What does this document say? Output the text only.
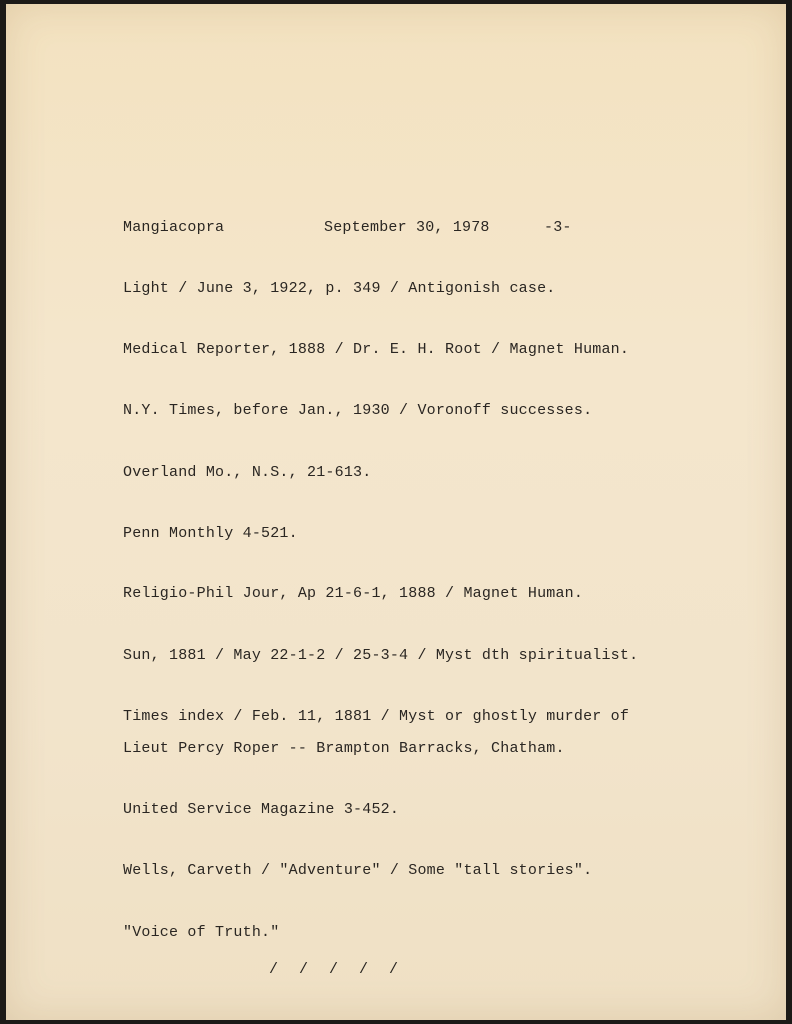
Mangiacopra	September 30, 1978	-3-
Light / June 3, 1922, p. 349 / Antigonish case.
Medical Reporter, 1888 / Dr. E. H. Root / Magnet Human.
N.Y. Times, before Jan., 1930 / Voronoff successes.
Overland Mo., N.S., 21-613.
Penn Monthly 4-521.
Religio-Phil Jour, Ap 21-6-1, 1888 / Magnet Human.
Sun, 1881 / May 22-1-2 / 25-3-4 / Myst dth spiritualist.
Times index / Feb. 11, 1881 / Myst or ghostly murder of
Lieut Percy Roper -- Brampton Barracks, Chatham.
United Service Magazine 3-452.
Wells, Carveth / "Adventure" / Some "tall stories".
"Voice of Truth."
/ / / / /
